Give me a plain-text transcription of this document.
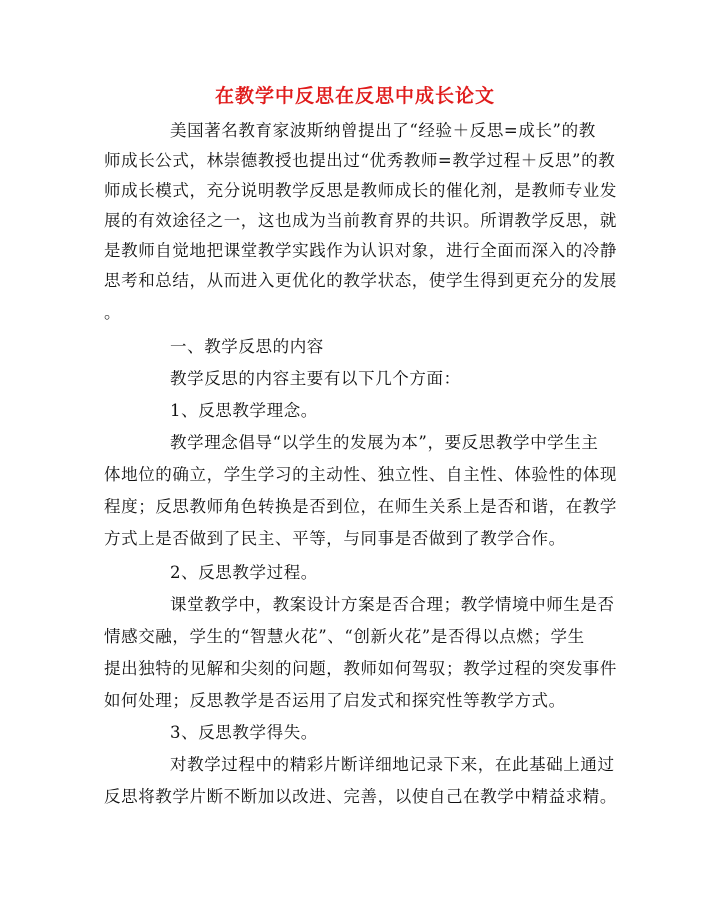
在教学中反思在反思中成长论文

美国著名教育家波斯纳曾提出了“经验＋反思=成长”的教

师成长公式，林崇德教授也提出过“优秀教师=教学过程＋反思”的教

师成长模式，充分说明教学反思是教师成长的催化剂，是教师专业发

展的有效途径之一，这也成为当前教育界的共识。所谓教学反思，就

是教师自觉地把课堂教学实践作为认识对象，进行全面而深入的冷静

思考和总结，从而进入更优化的教学状态，使学生得到更充分的发展

。

一、教学反思的内容

教学反思的内容主要有以下几个方面：

1、反思教学理念。

教学理念倡导“以学生的发展为本”，要反思教学中学生主

体地位的确立，学生学习的主动性、独立性、自主性、体验性的体现

程度；反思教师角色转换是否到位，在师生关系上是否和谐，在教学

方式上是否做到了民主、平等，与同事是否做到了教学合作。

2、反思教学过程。

课堂教学中，教案设计方案是否合理；教学情境中师生是否

情感交融，学生的“智慧火花”、“创新火花”是否得以点燃；学生

提出独特的见解和尖刻的问题，教师如何驾驭；教学过程的突发事件

如何处理；反思教学是否运用了启发式和探究性等教学方式。

3、反思教学得失。

对教学过程中的精彩片断详细地记录下来，在此基础上通过

反思将教学片断不断加以改进、完善，以使自己在教学中精益求精。
